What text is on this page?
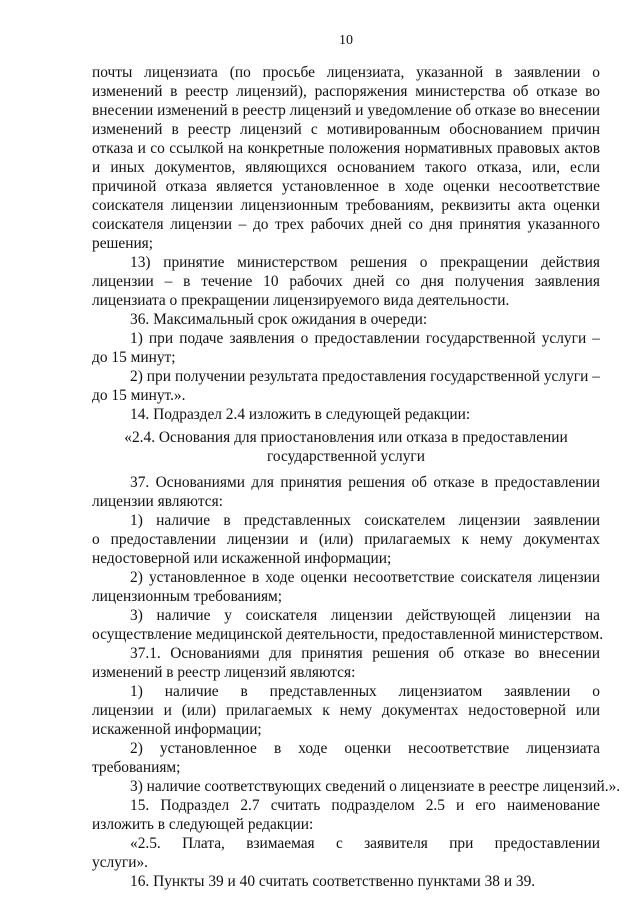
10
почты лицензиата (по просьбе лицензиата, указанной в заявлении о
изменений в реестр лицензий), распоряжения министерства об отказе во
внесении изменений в реестр лицензий и уведомление об отказе во внесении
изменений в реестр лицензий с мотивированным обоснованием причин
отказа и со ссылкой на конкретные положения нормативных правовых актов
и иных документов, являющихся основанием такого отказа, или, если
причиной отказа является установленное в ходе оценки несоответствие
соискателя лицензии лицензионным требованиям, реквизиты акта оценки
соискателя лицензии – до трех рабочих дней со дня принятия указанного
решения;
13) принятие министерством решения о прекращении действия
лицензии – в течение 10 рабочих дней со дня получения заявления
лицензиата о прекращении лицензируемого вида деятельности.
36. Максимальный срок ожидания в очереди:
1) при подаче заявления о предоставлении государственной услуги –
до 15 минут;
2) при получении результата предоставления государственной услуги –
до 15 минут.».
14. Подраздел 2.4 изложить в следующей редакции:
«2.4. Основания для приостановления или отказа в предоставлении
государственной услуги
37. Основаниями для принятия решения об отказе в предоставлении
лицензии являются:
1) наличие в представленных соискателем лицензии заявлении
о предоставлении лицензии и (или) прилагаемых к нему документах
недостоверной или искаженной информации;
2) установленное в ходе оценки несоответствие соискателя лицензии
лицензионным требованиям;
3) наличие у соискателя лицензии действующей лицензии на
осуществление медицинской деятельности, предоставленной министерством.
37.1. Основаниями для принятия решения об отказе во внесении
изменений в реестр лицензий являются:
1) наличие в представленных лицензиатом заявлении о
лицензии и (или) прилагаемых к нему документах недостоверной или
искаженной информации;
2) установленное в ходе оценки несоответствие лицензиата
требованиям;
3) наличие соответствующих сведений о лицензиате в реестре лицензий.».
15. Подраздел 2.7 считать подразделом 2.5 и его наименование
изложить в следующей редакции:
«2.5. Плата, взимаемая с заявителя при предоставлении
услуги».
16. Пункты 39 и 40 считать соответственно пунктами 38 и 39.
